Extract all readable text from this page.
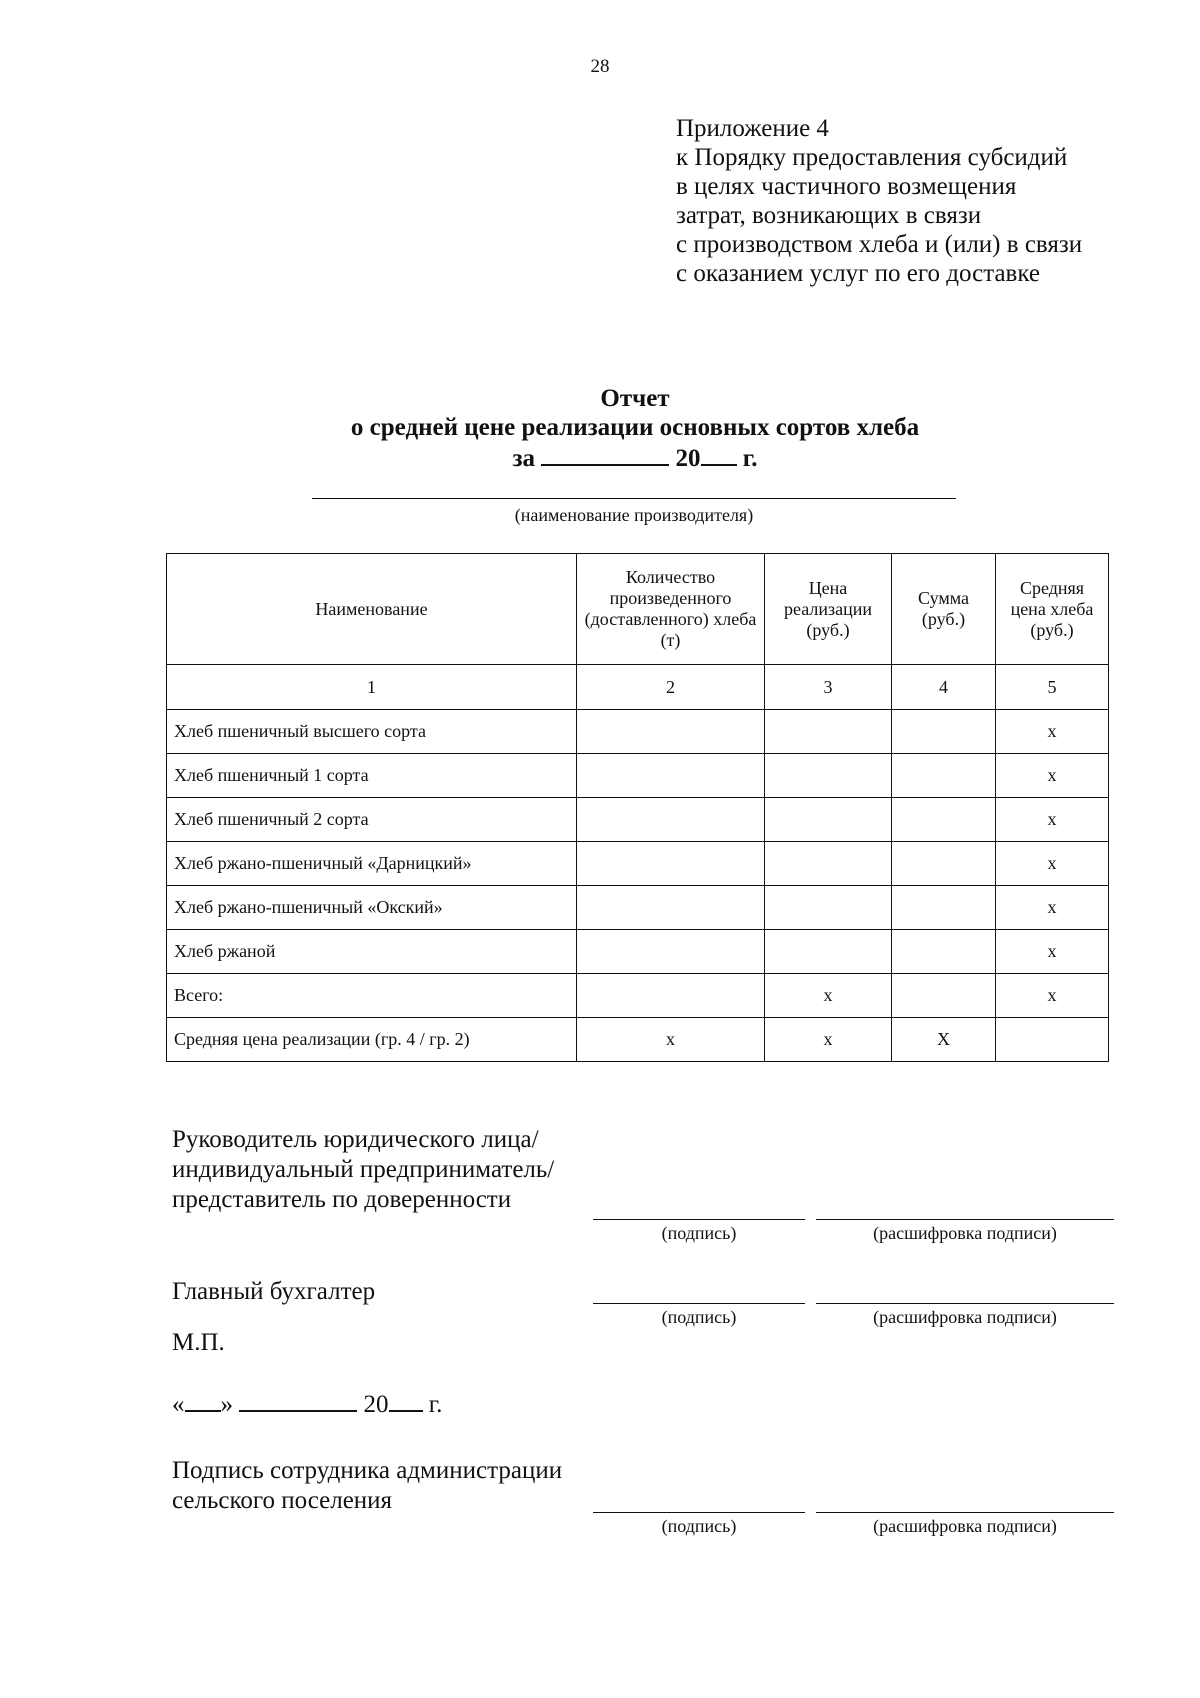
28
Приложение 4
к Порядку предоставления субсидий
в целях частичного возмещения
затрат, возникающих в связи
с производством хлеба и (или) в связи
с оказанием услуг по его доставке
Отчет
о средней цене реализации основных сортов хлеба
за	20 г.
(наименование производителя)
Наименование	Количество произведенного (доставленного) хлеба (т)	Цена реализации (руб.)	Сумма (руб.)	Средняя цена хлеба (руб.)
1	2	3	4	5
Хлеб пшеничный высшего сорта				x
Хлеб пшеничный 1 сорта				x
Хлеб пшеничный 2 сорта				x
Хлеб ржано-пшеничный «Дарницкий»				x
Хлеб ржано-пшеничный «Окский»				x
Хлеб ржаной				x
Всего:		x		x
Средняя цена реализации (гр. 4 / гр. 2)	x	x	X	
Руководитель юридического лица/
индивидуальный предприниматель/
представитель по доверенности
(подпись)	(расшифровка подписи)
Главный бухгалтер
(подпись)	(расшифровка подписи)
М.П.
« »	20 г.
Подпись сотрудника администрации
сельского поселения
(подпись)	(расшифровка подписи)
